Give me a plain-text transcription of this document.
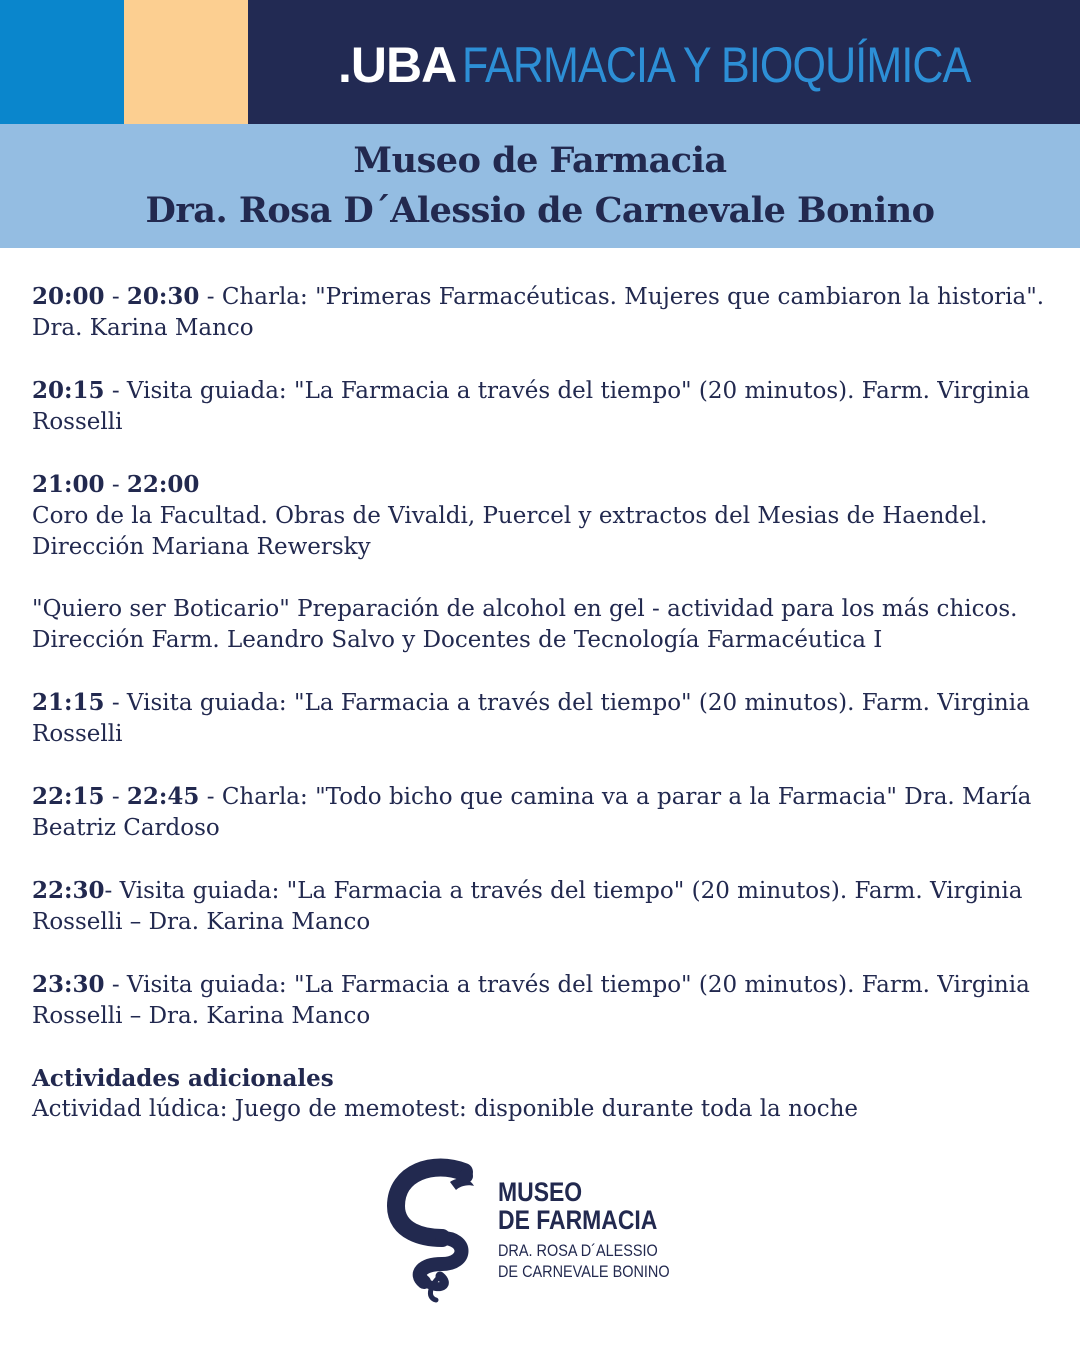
.UBA FARMACIA Y BIOQUÍMICA
Museo de Farmacia
Dra. Rosa D´Alessio de Carnevale Bonino

20:00 - 20:30 - Charla: "Primeras Farmacéuticas. Mujeres que cambiaron la historia". Dra. Karina Manco

20:15 - Visita guiada: "La Farmacia a través del tiempo" (20 minutos). Farm. Virginia Rosselli

21:00 - 22:00

Coro de la Facultad. Obras de Vivaldi, Puercel y extractos del Mesias de Haendel. Dirección Mariana Rewersky

"Quiero ser Boticario" Preparación de alcohol en gel - actividad para los más chicos. Dirección Farm. Leandro Salvo y Docentes de Tecnología Farmacéutica I

21:15 - Visita guiada: "La Farmacia a través del tiempo" (20 minutos). Farm. Virginia Rosselli

22:15 - 22:45 - Charla: "Todo bicho que camina va a parar a la Farmacia" Dra. María Beatriz Cardoso

22:30- Visita guiada: "La Farmacia a través del tiempo" (20 minutos). Farm. Virginia Rosselli – Dra. Karina Manco

23:30 - Visita guiada: "La Farmacia a través del tiempo" (20 minutos). Farm. Virginia Rosselli – Dra. Karina Manco

Actividades adicionales

Actividad lúdica: Juego de memotest: disponible durante toda la noche

MUSEO
DE FARMACIA
DRA. ROSA D´ALESSIO
DE CARNEVALE BONINO
